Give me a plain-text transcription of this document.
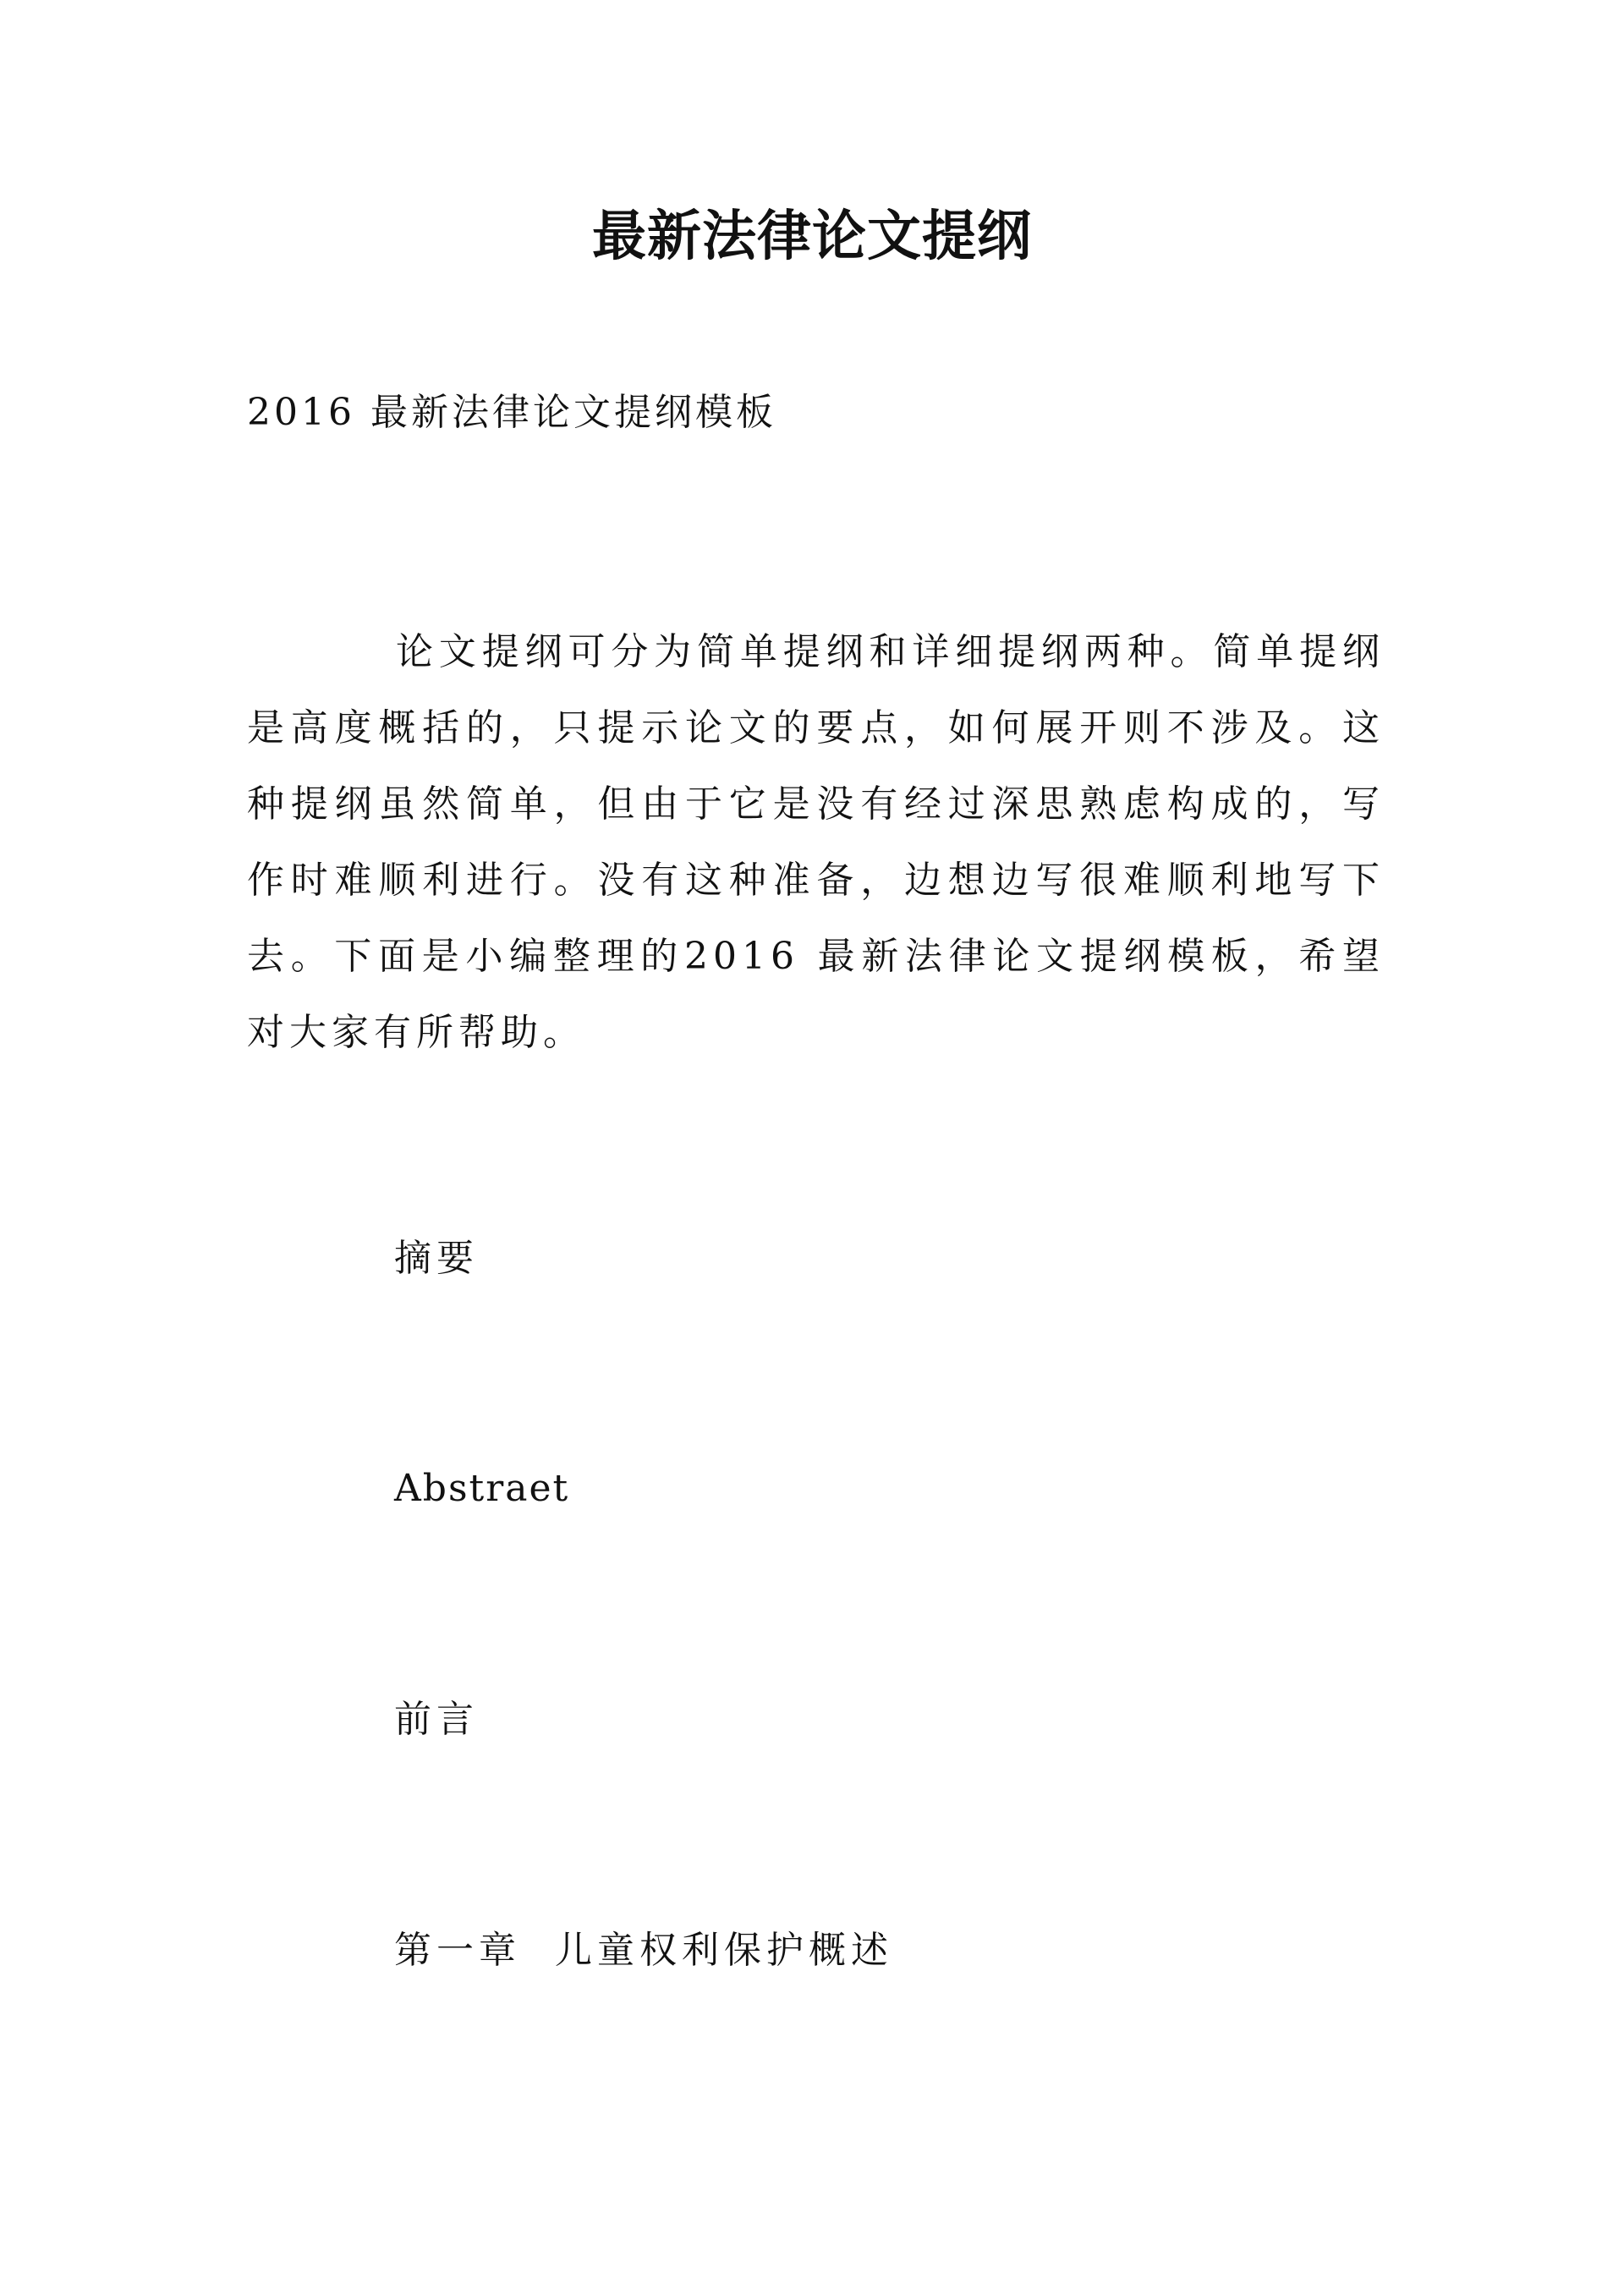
最新法律论文提纲

2016 最新法律论文提纲模板

论文提纲可分为简单提纲和详细提纲两种。简单提纲是高度概括的，只提示论文的要点，如何展开则不涉及。这种提纲虽然简单，但由于它是没有经过深思熟虑构成的，写作时难顺利进行。没有这种准备，边想边写很难顺利地写下去。下面是小编整理的2016 最新法律论文提纲模板，希望对大家有所帮助。

摘要

Abstraet

前言

第一章  儿童权利保护概述
